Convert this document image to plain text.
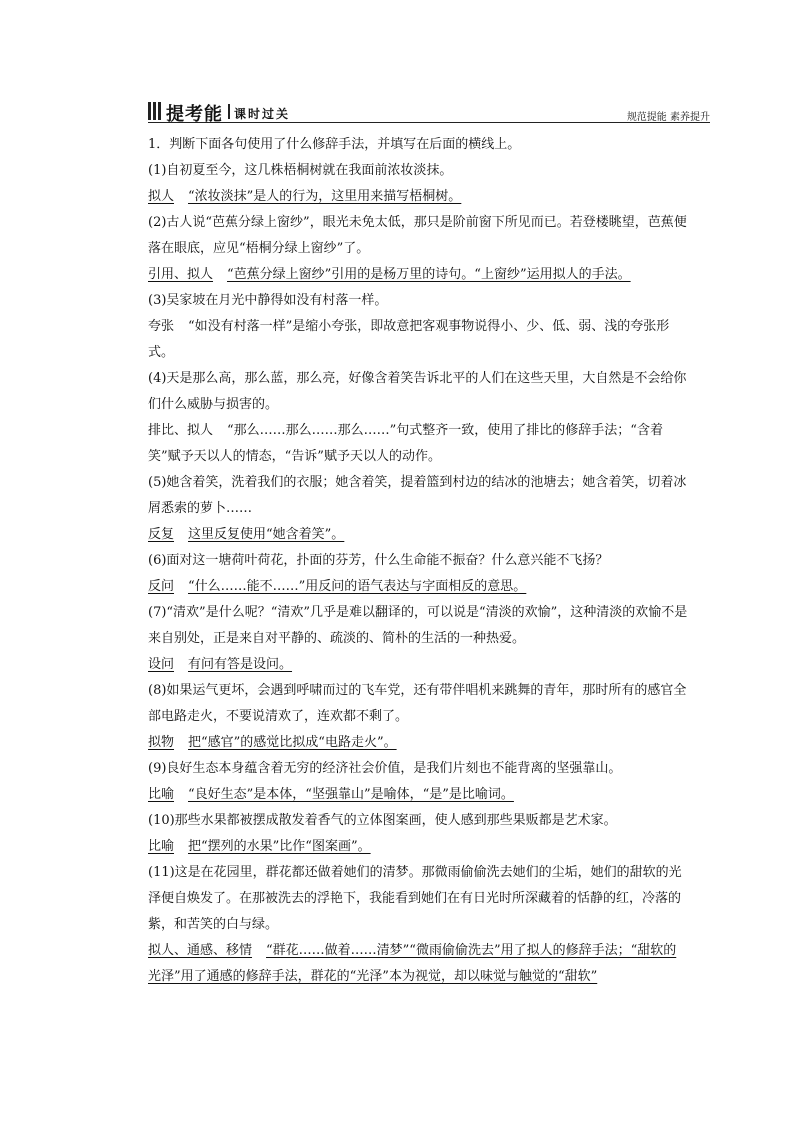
提考能 课时过关	规范提能 素养提升

1．判断下面各句使用了什么修辞手法，并填写在后面的横线上。

(1)自初夏至今，这几株梧桐树就在我面前浓妆淡抹。

拟人 “浓妆淡抹”是人的行为，这里用来描写梧桐树。

(2)古人说“芭蕉分绿上窗纱”，眼光未免太低，那只是阶前窗下所见而已。若登楼眺望，芭蕉便落在眼底，应见“梧桐分绿上窗纱”了。

引用、拟人 “芭蕉分绿上窗纱”引用的是杨万里的诗句。“上窗纱”运用拟人的手法。

(3)吴家坡在月光中静得如没有村落一样。

夸张 “如没有村落一样”是缩小夸张，即故意把客观事物说得小、少、低、弱、浅的夸张形式。

(4)天是那么高，那么蓝，那么亮，好像含着笑告诉北平的人们在这些天里，大自然是不会给你们什么威胁与损害的。

排比、拟人 “那么……那么……那么……”句式整齐一致，使用了排比的修辞手法；“含着笑”赋予天以人的情态，“告诉”赋予天以人的动作。

(5)她含着笑，洗着我们的衣服；她含着笑，提着篮到村边的结冰的池塘去；她含着笑，切着冰屑悉索的萝卜……

反复 这里反复使用“她含着笑”。

(6)面对这一塘荷叶荷花，扑面的芬芳，什么生命能不振奋？什么意兴能不飞扬？

反问 “什么……能不……”用反问的语气表达与字面相反的意思。

(7)“清欢”是什么呢？“清欢”几乎是难以翻译的，可以说是“清淡的欢愉”，这种清淡的欢愉不是来自别处，正是来自对平静的、疏淡的、简朴的生活的一种热爱。

设问 有问有答是设问。

(8)如果运气更坏，会遇到呼啸而过的飞车党，还有带伴唱机来跳舞的青年，那时所有的感官全部电路走火，不要说清欢了，连欢都不剩了。

拟物 把“感官”的感觉比拟成“电路走火”。

(9)良好生态本身蕴含着无穷的经济社会价值，是我们片刻也不能背离的坚强靠山。

比喻 “良好生态”是本体，“坚强靠山”是喻体，“是”是比喻词。

(10)那些水果都被摆成散发着香气的立体图案画，使人感到那些果贩都是艺术家。

比喻 把“摆列的水果”比作“图案画”。

(11)这是在花园里，群花都还做着她们的清梦。那微雨偷偷洗去她们的尘垢，她们的甜软的光泽便自焕发了。在那被洗去的浮艳下，我能看到她们在有日光时所深藏着的恬静的红，冷落的紫，和苦笑的白与绿。

拟人、通感、移情 “群花……做着……清梦”“微雨偷偷洗去”用了拟人的修辞手法；“甜软的光泽”用了通感的修辞手法，群花的“光泽”本为视觉，却以味觉与触觉的“甜软”
